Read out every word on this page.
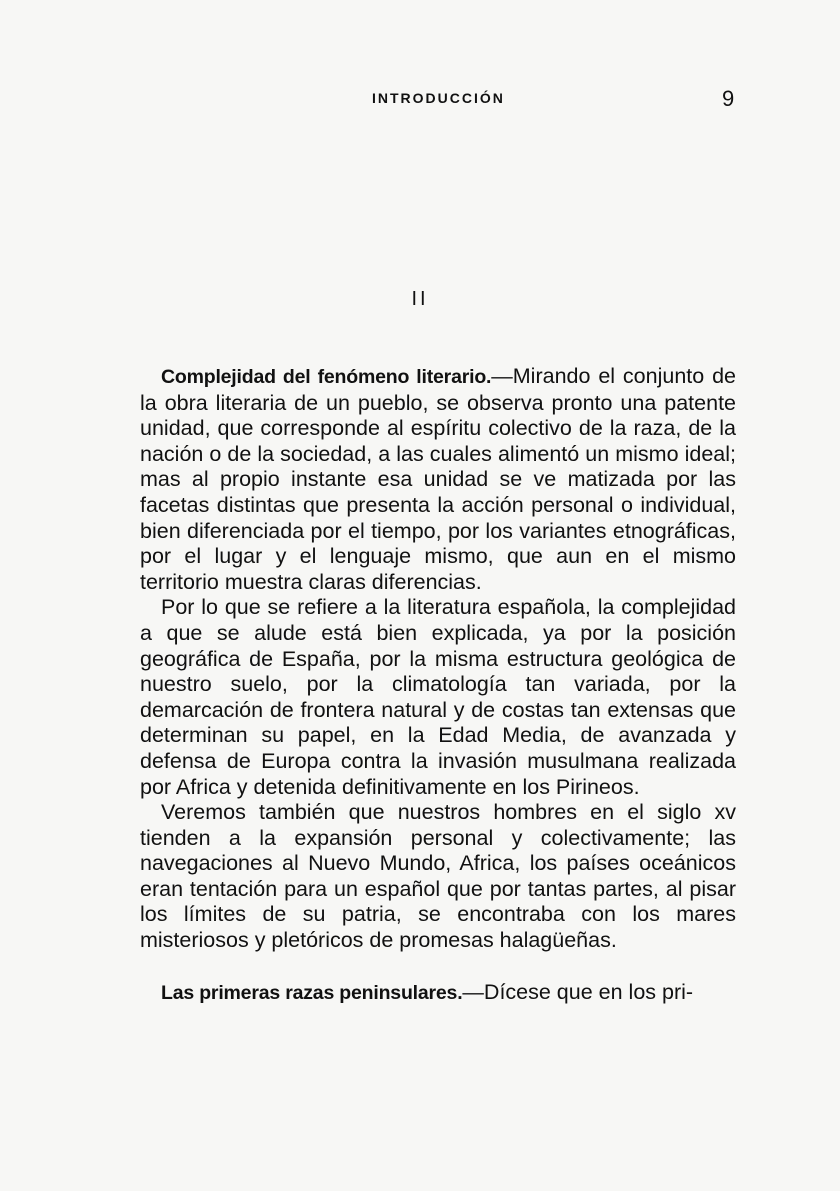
INTRODUCCIÓN	9
II

Complejidad del fenómeno literario.—Mirando el conjunto de la obra literaria de un pueblo, se observa pronto una patente unidad, que corresponde al espíritu colectivo de la raza, de la nación o de la sociedad, a las cuales alimentó un mismo ideal; mas al propio instante esa unidad se ve matizada por las facetas distintas que presenta la acción personal o individual, bien diferenciada por el tiempo, por los variantes etnográficas, por el lugar y el lenguaje mismo, que aun en el mismo territorio muestra claras diferencias.

Por lo que se refiere a la literatura española, la complejidad a que se alude está bien explicada, ya por la posición geográfica de España, por la misma estructura geológica de nuestro suelo, por la climatología tan variada, por la demarcación de frontera natural y de costas tan extensas que determinan su papel, en la Edad Media, de avanzada y defensa de Europa contra la invasión musulmana realizada por Africa y detenida definitivamente en los Pirineos.

Veremos también que nuestros hombres en el siglo xv tienden a la expansión personal y colectivamente; las navegaciones al Nuevo Mundo, Africa, los países oceánicos eran tentación para un español que por tantas partes, al pisar los límites de su patria, se encontraba con los mares misteriosos y pletóricos de promesas halagüeñas.

Las primeras razas peninsulares.—Dícese que en los pri-
